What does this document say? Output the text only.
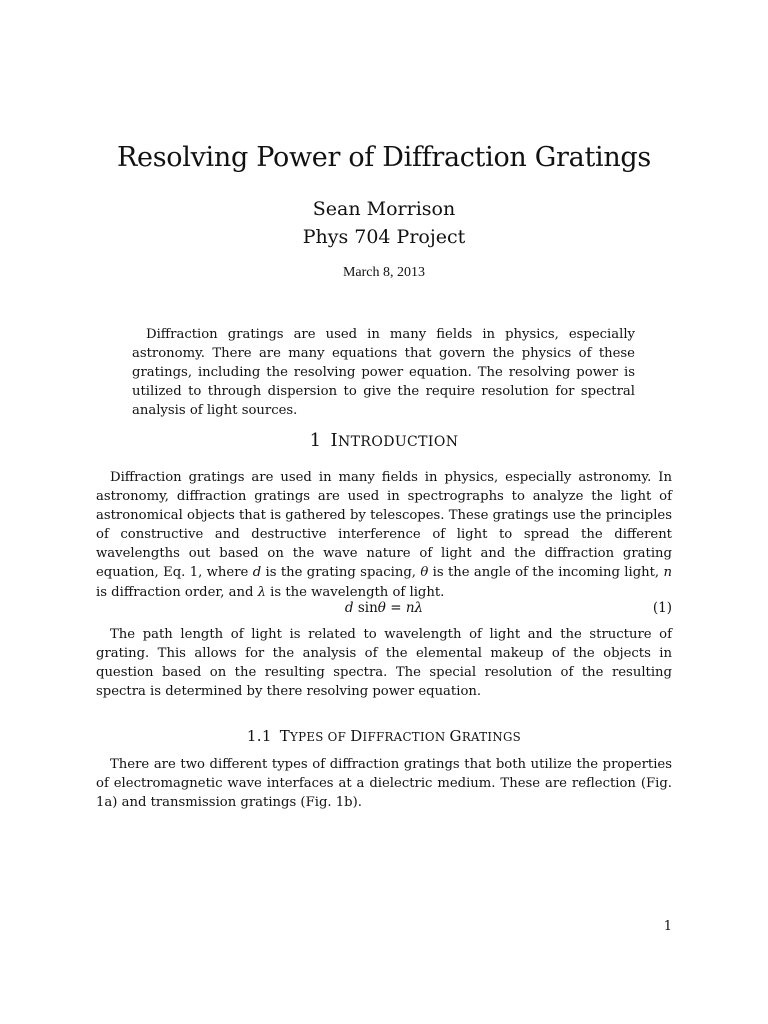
Resolving Power of Diffraction Gratings
Sean Morrison
Phys 704 Project
March 8, 2013

Diffraction gratings are used in many fields in physics, especially astronomy. There are many equations that govern the physics of these gratings, including the resolving power equation. The resolving power is utilized to through dispersion to give the require resolution for spectral analysis of light sources.

1 INTRODUCTION

Diffraction gratings are used in many fields in physics, especially astronomy. In astronomy, diffraction gratings are used in spectrographs to analyze the light of astronomical objects that is gathered by telescopes. These gratings use the principles of constructive and destructive interference of light to spread the different wavelengths out based on the wave nature of light and the diffraction grating equation, Eq. 1, where d is the grating spacing, θ is the angle of the incoming light, n is diffraction order, and λ is the wavelength of light.

d sinθ = nλ	(1)

The path length of light is related to wavelength of light and the structure of grating. This allows for the analysis of the elemental makeup of the objects in question based on the resulting spectra. The special resolution of the resulting spectra is determined by there resolving power equation.

1.1 TYPES OF DIFFRACTION GRATINGS

There are two different types of diffraction gratings that both utilize the properties of electromagnetic wave interfaces at a dielectric medium. These are reflection (Fig. 1a) and transmission gratings (Fig. 1b).

1
